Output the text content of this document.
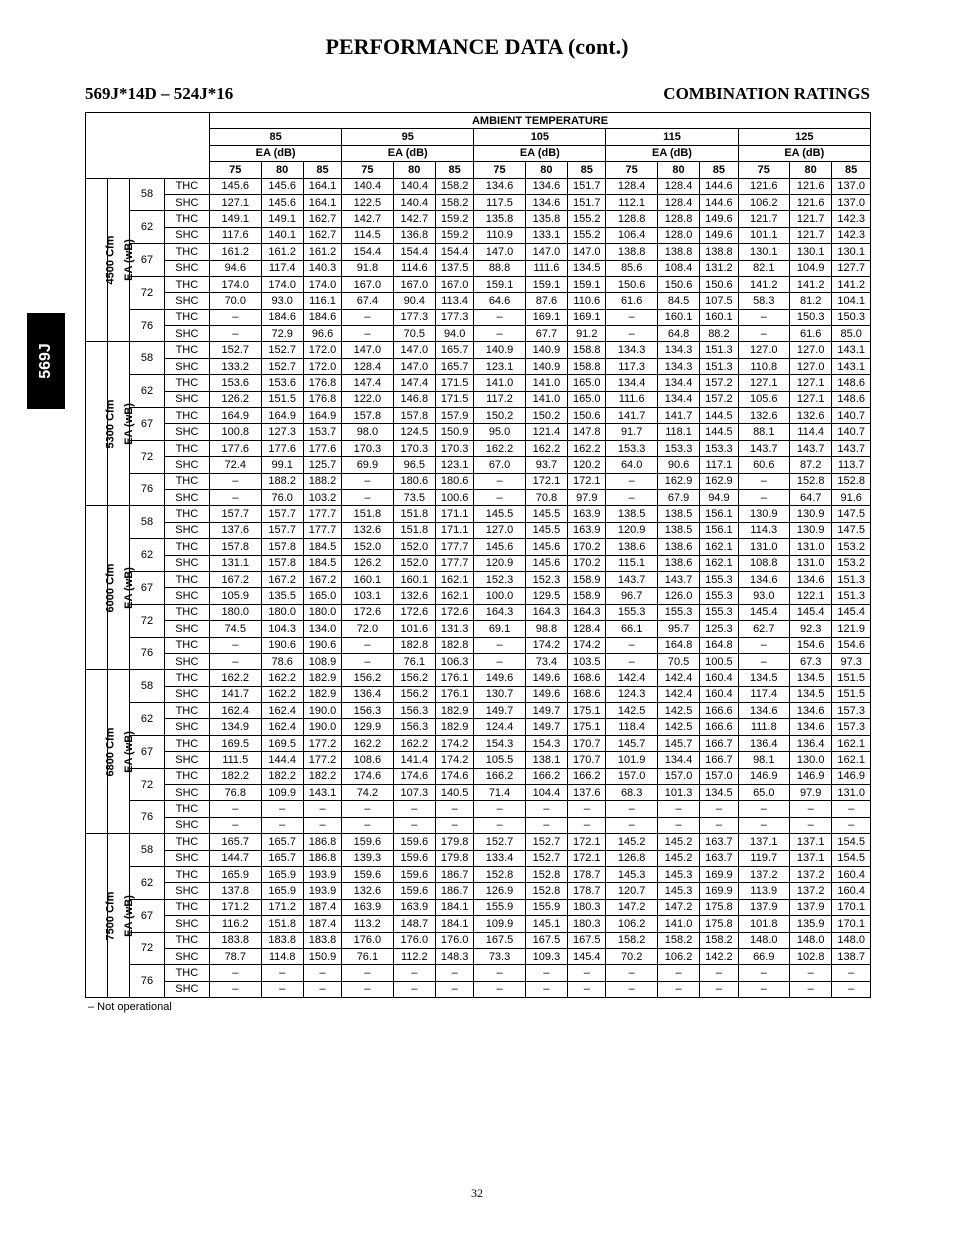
PERFORMANCE DATA (cont.)
569J*14D – 524J*16	COMBINATION RATINGS
569J
				AMBIENT TEMPERATURE														
				85			95			105			115			125		
				EA (dB)			EA (dB)			EA (dB)			EA (dB)			EA (dB)		
				75	80	85	75	80	85	75	80	85	75	80	85	75	80	85
4500 Cfm	EA (wB)	58	THC	145.6	145.6	164.1	140.4	140.4	158.2	134.6	134.6	151.7	128.4	128.4	144.6	121.6	121.6	137.0
			SHC	127.1	145.6	164.1	122.5	140.4	158.2	117.5	134.6	151.7	112.1	128.4	144.6	106.2	121.6	137.0
		62	THC	149.1	149.1	162.7	142.7	142.7	159.2	135.8	135.8	155.2	128.8	128.8	149.6	121.7	121.7	142.3
			SHC	117.6	140.1	162.7	114.5	136.8	159.2	110.9	133.1	155.2	106.4	128.0	149.6	101.1	121.7	142.3
		67	THC	161.2	161.2	161.2	154.4	154.4	154.4	147.0	147.0	147.0	138.8	138.8	138.8	130.1	130.1	130.1
			SHC	94.6	117.4	140.3	91.8	114.6	137.5	88.8	111.6	134.5	85.6	108.4	131.2	82.1	104.9	127.7
		72	THC	174.0	174.0	174.0	167.0	167.0	167.0	159.1	159.1	159.1	150.6	150.6	150.6	141.2	141.2	141.2
			SHC	70.0	93.0	116.1	67.4	90.4	113.4	64.6	87.6	110.6	61.6	84.5	107.5	58.3	81.2	104.1
		76	THC	–	184.6	184.6	–	177.3	177.3	–	169.1	169.1	–	160.1	160.1	–	150.3	150.3
			SHC	–	72.9	96.6	–	70.5	94.0	–	67.7	91.2	–	64.8	88.2	–	61.6	85.0
5300 Cfm	EA (wB)	58	THC	152.7	152.7	172.0	147.0	147.0	165.7	140.9	140.9	158.8	134.3	134.3	151.3	127.0	127.0	143.1
			SHC	133.2	152.7	172.0	128.4	147.0	165.7	123.1	140.9	158.8	117.3	134.3	151.3	110.8	127.0	143.1
		62	THC	153.6	153.6	176.8	147.4	147.4	171.5	141.0	141.0	165.0	134.4	134.4	157.2	127.1	127.1	148.6
			SHC	126.2	151.5	176.8	122.0	146.8	171.5	117.2	141.0	165.0	111.6	134.4	157.2	105.6	127.1	148.6
		67	THC	164.9	164.9	164.9	157.8	157.8	157.9	150.2	150.2	150.6	141.7	141.7	144.5	132.6	132.6	140.7
			SHC	100.8	127.3	153.7	98.0	124.5	150.9	95.0	121.4	147.8	91.7	118.1	144.5	88.1	114.4	140.7
		72	THC	177.6	177.6	177.6	170.3	170.3	170.3	162.2	162.2	162.2	153.3	153.3	153.3	143.7	143.7	143.7
			SHC	72.4	99.1	125.7	69.9	96.5	123.1	67.0	93.7	120.2	64.0	90.6	117.1	60.6	87.2	113.7
		76	THC	–	188.2	188.2	–	180.6	180.6	–	172.1	172.1	–	162.9	162.9	–	152.8	152.8
			SHC	–	76.0	103.2	–	73.5	100.6	–	70.8	97.9	–	67.9	94.9	–	64.7	91.6
6000 Cfm	EA (wB)	58	THC	157.7	157.7	177.7	151.8	151.8	171.1	145.5	145.5	163.9	138.5	138.5	156.1	130.9	130.9	147.5
			SHC	137.6	157.7	177.7	132.6	151.8	171.1	127.0	145.5	163.9	120.9	138.5	156.1	114.3	130.9	147.5
		62	THC	157.8	157.8	184.5	152.0	152.0	177.7	145.6	145.6	170.2	138.6	138.6	162.1	131.0	131.0	153.2
			SHC	131.1	157.8	184.5	126.2	152.0	177.7	120.9	145.6	170.2	115.1	138.6	162.1	108.8	131.0	153.2
		67	THC	167.2	167.2	167.2	160.1	160.1	162.1	152.3	152.3	158.9	143.7	143.7	155.3	134.6	134.6	151.3
			SHC	105.9	135.5	165.0	103.1	132.6	162.1	100.0	129.5	158.9	96.7	126.0	155.3	93.0	122.1	151.3
		72	THC	180.0	180.0	180.0	172.6	172.6	172.6	164.3	164.3	164.3	155.3	155.3	155.3	145.4	145.4	145.4
			SHC	74.5	104.3	134.0	72.0	101.6	131.3	69.1	98.8	128.4	66.1	95.7	125.3	62.7	92.3	121.9
		76	THC	–	190.6	190.6	–	182.8	182.8	–	174.2	174.2	–	164.8	164.8	–	154.6	154.6
			SHC	–	78.6	108.9	–	76.1	106.3	–	73.4	103.5	–	70.5	100.5	–	67.3	97.3
6800 Cfm	EA (wB)	58	THC	162.2	162.2	182.9	156.2	156.2	176.1	149.6	149.6	168.6	142.4	142.4	160.4	134.5	134.5	151.5
			SHC	141.7	162.2	182.9	136.4	156.2	176.1	130.7	149.6	168.6	124.3	142.4	160.4	117.4	134.5	151.5
		62	THC	162.4	162.4	190.0	156.3	156.3	182.9	149.7	149.7	175.1	142.5	142.5	166.6	134.6	134.6	157.3
			SHC	134.9	162.4	190.0	129.9	156.3	182.9	124.4	149.7	175.1	118.4	142.5	166.6	111.8	134.6	157.3
		67	THC	169.5	169.5	177.2	162.2	162.2	174.2	154.3	154.3	170.7	145.7	145.7	166.7	136.4	136.4	162.1
			SHC	111.5	144.4	177.2	108.6	141.4	174.2	105.5	138.1	170.7	101.9	134.4	166.7	98.1	130.0	162.1
		72	THC	182.2	182.2	182.2	174.6	174.6	174.6	166.2	166.2	166.2	157.0	157.0	157.0	146.9	146.9	146.9
			SHC	76.8	109.9	143.1	74.2	107.3	140.5	71.4	104.4	137.6	68.3	101.3	134.5	65.0	97.9	131.0
		76	THC	–	–	–	–	–	–	–	–	–	–	–	–	–	–	–
			SHC	–	–	–	–	–	–	–	–	–	–	–	–	–	–	–
7500 Cfm	EA (wB)	58	THC	165.7	165.7	186.8	159.6	159.6	179.8	152.7	152.7	172.1	145.2	145.2	163.7	137.1	137.1	154.5
			SHC	144.7	165.7	186.8	139.3	159.6	179.8	133.4	152.7	172.1	126.8	145.2	163.7	119.7	137.1	154.5
		62	THC	165.9	165.9	193.9	159.6	159.6	186.7	152.8	152.8	178.7	145.3	145.3	169.9	137.2	137.2	160.4
			SHC	137.8	165.9	193.9	132.6	159.6	186.7	126.9	152.8	178.7	120.7	145.3	169.9	113.9	137.2	160.4
		67	THC	171.2	171.2	187.4	163.9	163.9	184.1	155.9	155.9	180.3	147.2	147.2	175.8	137.9	137.9	170.1
			SHC	116.2	151.8	187.4	113.2	148.7	184.1	109.9	145.1	180.3	106.2	141.0	175.8	101.8	135.9	170.1
		72	THC	183.8	183.8	183.8	176.0	176.0	176.0	167.5	167.5	167.5	158.2	158.2	158.2	148.0	148.0	148.0
			SHC	78.7	114.8	150.9	76.1	112.2	148.3	73.3	109.3	145.4	70.2	106.2	142.2	66.9	102.8	138.7
		76	THC	–	–	–	–	–	–	–	–	–	–	–	–	–	–	–
			SHC	–	–	–	–	–	–	–	–	–	–	–	–	–	–	–
– Not operational
32
